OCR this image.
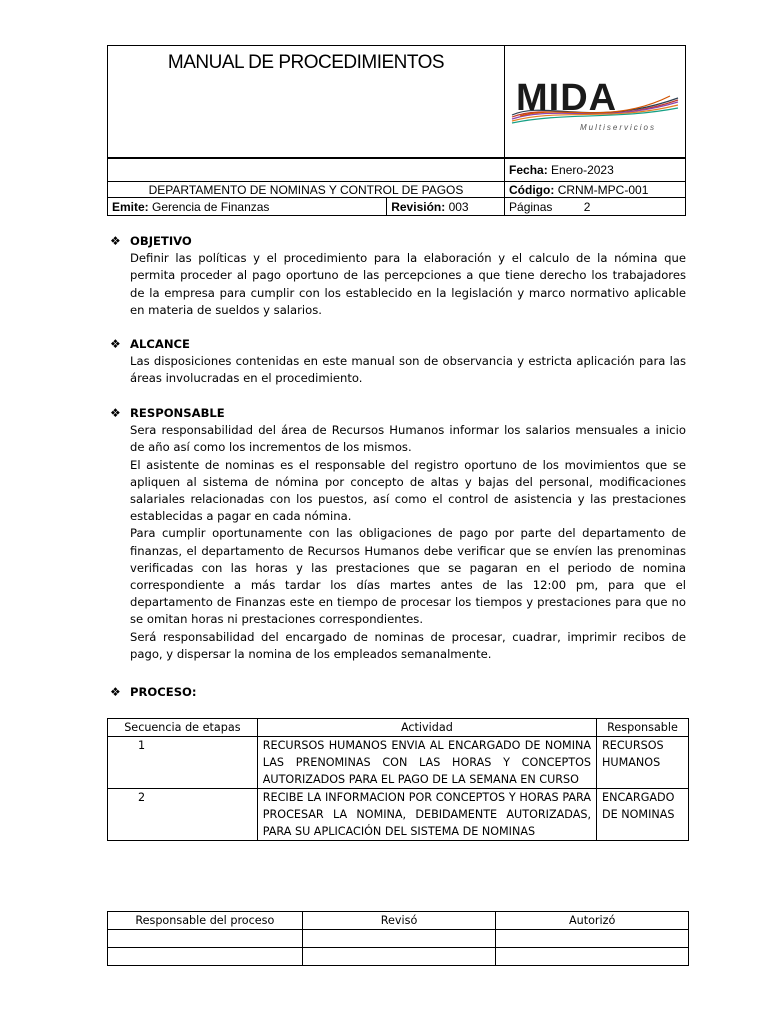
MANUAL DE PROCEDIMIENTOS		MIDA
Multiservicios

		Fecha: Enero-2023
DEPARTAMENTO DE NOMINAS Y CONTROL DE PAGOS		Código: CRNM-MPC-001
Emite: Gerencia de Finanzas	Revisión: 003	Páginas 2
❖ OBJETIVO

Definir las políticas y el procedimiento para la elaboración y el calculo de la nómina que permita proceder al pago oportuno de las percepciones a que tiene derecho los trabajadores de la empresa para cumplir con los establecido en la legislación y marco normativo aplicable en materia de sueldos y salarios.

❖ ALCANCE

Las disposiciones contenidas en este manual son de observancia y estricta aplicación para las áreas involucradas en el procedimiento.

❖ RESPONSABLE

Sera responsabilidad del área de Recursos Humanos informar los salarios mensuales a inicio de año así como los incrementos de los mismos.

El asistente de nominas es el responsable del registro oportuno de los movimientos que se apliquen al sistema de nómina por concepto de altas y bajas del personal, modificaciones salariales relacionadas con los puestos, así como el control de asistencia y las prestaciones establecidas a pagar en cada nómina.

Para cumplir oportunamente con las obligaciones de pago por parte del departamento de finanzas, el departamento de Recursos Humanos debe verificar que se envíen las prenominas verificadas con las horas y las prestaciones que se pagaran en el periodo de nomina correspondiente a más tardar los días martes antes de las 12:00 pm, para que el departamento de Finanzas este en tiempo de procesar los tiempos y prestaciones para que no se omitan horas ni prestaciones correspondientes.

Será responsabilidad del encargado de nominas de procesar, cuadrar, imprimir recibos de pago, y dispersar la nomina de los empleados semanalmente.

❖ PROCESO:
Secuencia de etapas	Actividad	Responsable
1	RECURSOS HUMANOS ENVIA AL ENCARGADO DE NOMINA LAS PRENOMINAS CON LAS HORAS Y CONCEPTOS AUTORIZADOS PARA EL PAGO DE LA SEMANA EN CURSO	RECURSOS HUMANOS
2	RECIBE LA INFORMACION POR CONCEPTOS Y HORAS PARA PROCESAR LA NOMINA, DEBIDAMENTE AUTORIZADAS, PARA SU APLICACIÓN DEL SISTEMA DE NOMINAS	ENCARGADO DE NOMINAS
Responsable del proceso	Revisó	Autorizó
